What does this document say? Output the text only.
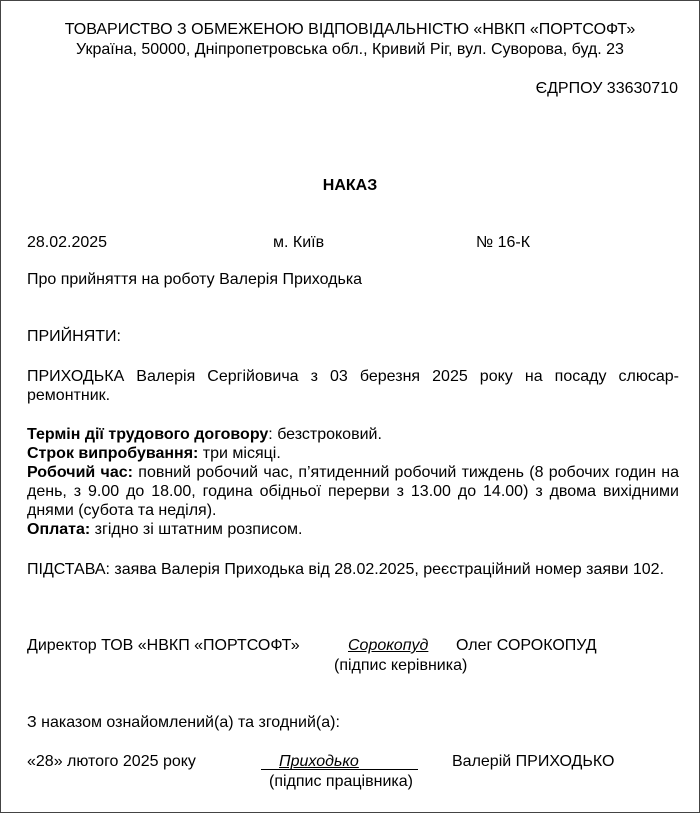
ТОВАРИСТВО З ОБМЕЖЕНОЮ ВІДПОВІДАЛЬНІСТЮ «НВКП «ПОРТСОФТ»
Україна, 50000, Дніпропетровська обл., Кривий Ріг, вул. Суворова, буд. 23
ЄДРПОУ 33630710
НАКАЗ
28.02.2025	м. Київ	№ 16-К
Про прийняття на роботу Валерія Приходька
ПРИЙНЯТИ:
ПРИХОДЬКА Валерія Сергійовича з 03 березня 2025 року на посаду слюсар-ремонтник.
Термін дії трудового договору: безстроковий.
Строк випробування: три місяці.
Робочий час: повний робочий час, п’ятиденний робочий тиждень (8 робочих годин на день, з 9.00 до 18.00, година обідньої перерви з 13.00 до 14.00) з двома вихідними днями (субота та неділя).
Оплата: згідно зі штатним розписом.
ПІДСТАВА: заява Валерія Приходька від 28.02.2025, реєстраційний номер заяви 102.
Директор ТОВ «НВКП «ПОРТСОФТ»	Сорокопуд Олег СОРОКОПУД
(підпис керівника)
З наказом ознайомлений(а) та згодний(а):
«28» лютого 2025 року	Приходько	Валерій ПРИХОДЬКО
(підпис працівника)
